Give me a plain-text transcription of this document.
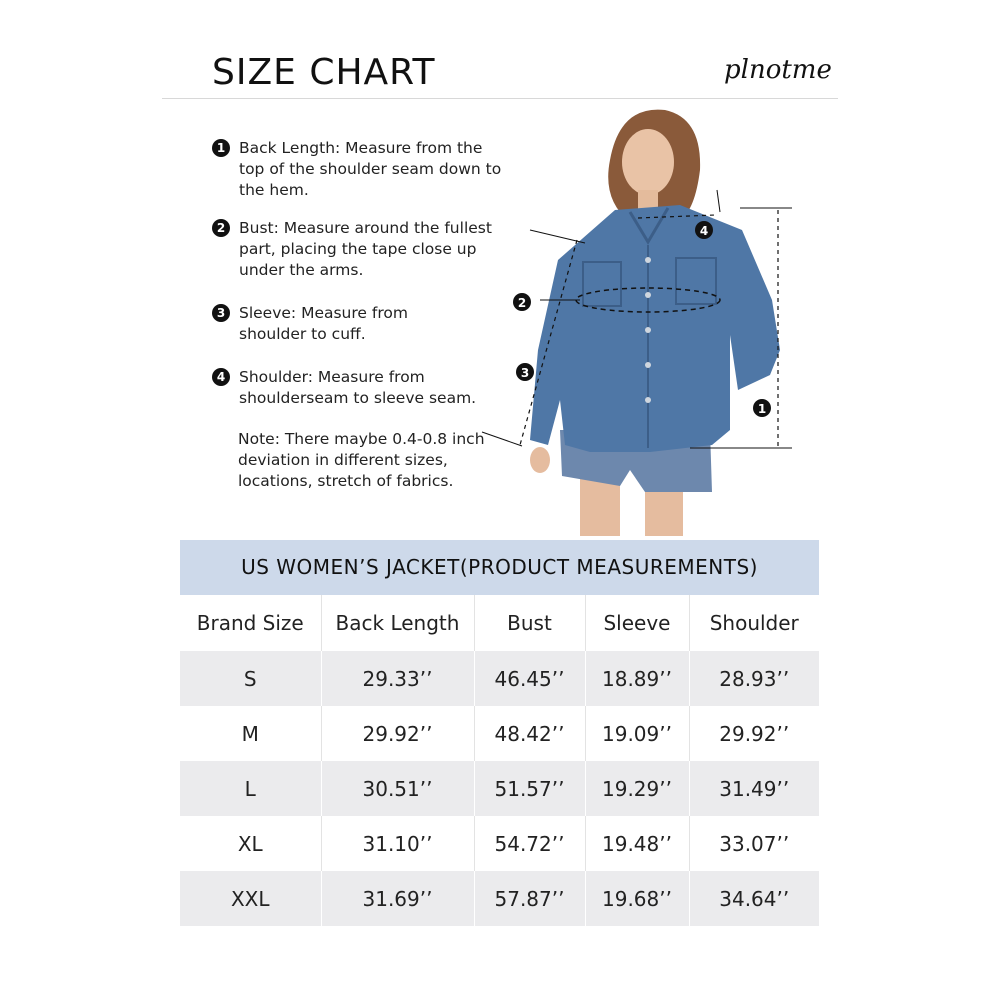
SIZE CHART	plnotme
1 Back Length: Measure from the top of the shoulder seam down to the hem.
2 Bust: Measure around the fullest part, placing the tape close up under the arms.
3 Sleeve: Measure from shoulder to cuff.
4 Shoulder: Measure from shoulderseam to sleeve seam.
Note: There maybe 0.4-0.8 inch deviation in different sizes, locations, stretch of fabrics.
2
3
4
1
US WOMEN’S JACKET(PRODUCT MEASUREMENTS)
Brand Size	Back Length	Bust	Sleeve	Shoulder
S	29.33’’	46.45’’	18.89’’	28.93’’
M	29.92’’	48.42’’	19.09’’	29.92’’
L	30.51’’	51.57’’	19.29’’	31.49’’
XL	31.10’’	54.72’’	19.48’’	33.07’’
XXL	31.69’’	57.87’’	19.68’’	34.64’’
